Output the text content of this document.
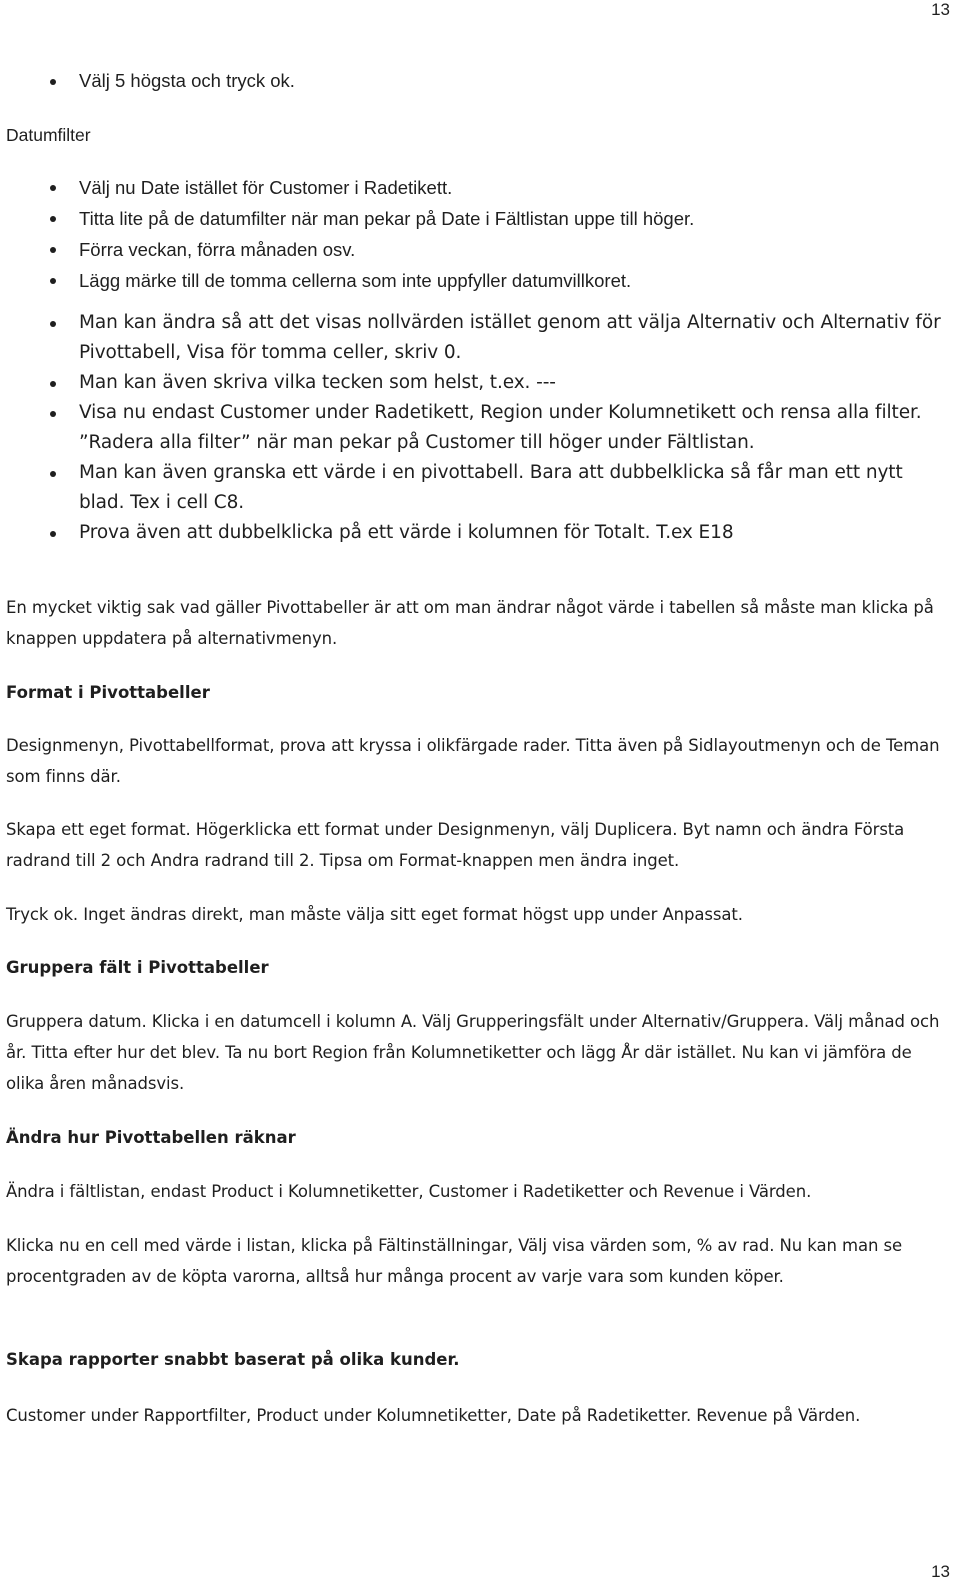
13
Välj 5 högsta och tryck ok.

Datumfilter

Välj nu Date istället för Customer i Radetikett.
Titta lite på de datumfilter när man pekar på Date i Fältlistan uppe till höger.
Förra veckan, förra månaden osv.
Lägg märke till de tomma cellerna som inte uppfyller datumvillkoret.
Man kan ändra så att det visas nollvärden istället genom att välja Alternativ och Alternativ för Pivottabell, Visa för tomma celler, skriv 0.
Man kan även skriva vilka tecken som helst, t.ex. ---
Visa nu endast Customer under Radetikett, Region under Kolumnetikett och rensa alla filter.
”Radera alla filter” när man pekar på Customer till höger under Fältlistan.
Man kan även granska ett värde i en pivottabell. Bara att dubbelklicka så får man ett nytt blad. Tex i cell C8.
Prova även att dubbelklicka på ett värde i kolumnen för Totalt. T.ex E18

En mycket viktig sak vad gäller Pivottabeller är att om man ändrar något värde i tabellen så måste man klicka på knappen uppdatera på alternativmenyn.

Format i Pivottabeller

Designmenyn, Pivottabellformat, prova att kryssa i olikfärgade rader. Titta även på Sidlayoutmenyn och de Teman som finns där.

Skapa ett eget format. Högerklicka ett format under Designmenyn, välj Duplicera. Byt namn och ändra Första radrand till 2 och Andra radrand till 2. Tipsa om Format-knappen men ändra inget.

Tryck ok. Inget ändras direkt, man måste välja sitt eget format högst upp under Anpassat.

Gruppera fält i Pivottabeller

Gruppera datum. Klicka i en datumcell i kolumn A. Välj Grupperingsfält under Alternativ/Gruppera. Välj månad och år. Titta efter hur det blev. Ta nu bort Region från Kolumnetiketter och lägg År där istället. Nu kan vi jämföra de olika åren månadsvis.

Ändra hur Pivottabellen räknar

Ändra i fältlistan, endast Product i Kolumnetiketter, Customer i Radetiketter och Revenue i Värden.

Klicka nu en cell med värde i listan, klicka på Fältinställningar, Välj visa värden som, % av rad. Nu kan man se procentgraden av de köpta varorna, alltså hur många procent av varje vara som kunden köper.

Skapa rapporter snabbt baserat på olika kunder.

Customer under Rapportfilter, Product under Kolumnetiketter, Date på Radetiketter. Revenue på Värden.

13
